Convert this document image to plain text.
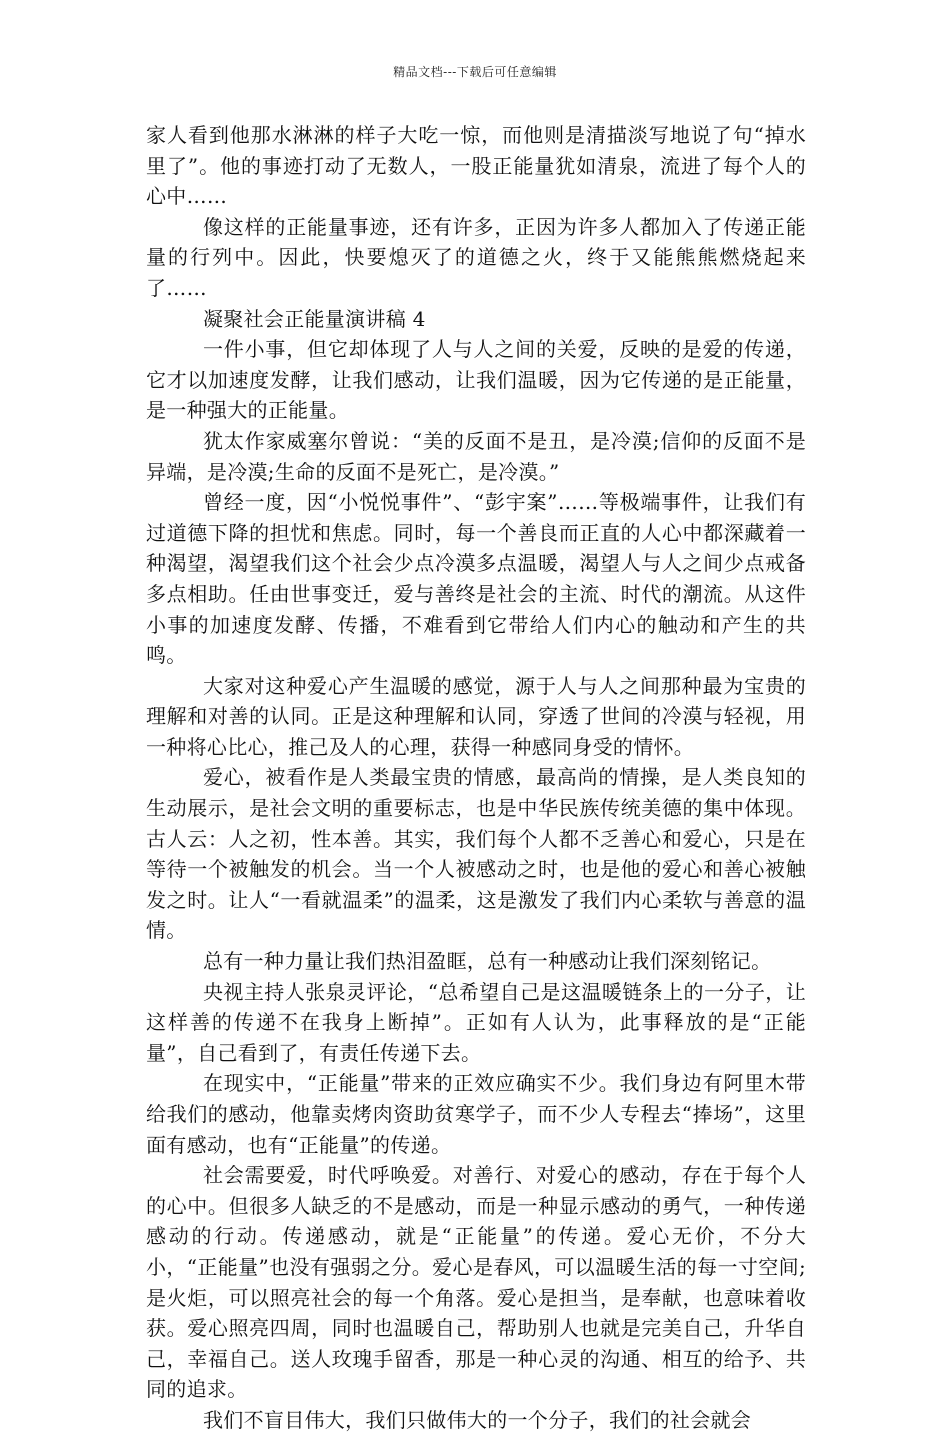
精品文档---下载后可任意编辑

家人看到他那水淋淋的样子大吃一惊，而他则是清描淡写地说了句“掉水里了”。他的事迹打动了无数人，一股正能量犹如清泉，流进了每个人的心中……

像这样的正能量事迹，还有许多，正因为许多人都加入了传递正能量的行列中。因此，快要熄灭了的道德之火，终于又能熊熊燃烧起来了……

凝聚社会正能量演讲稿 4

一件小事，但它却体现了人与人之间的关爱，反映的是爱的传递，它才以加速度发酵，让我们感动，让我们温暖，因为它传递的是正能量，是一种强大的正能量。

犹太作家威塞尔曾说：“美的反面不是丑，是冷漠;信仰的反面不是异端，是冷漠;生命的反面不是死亡，是冷漠。”

曾经一度，因“小悦悦事件”、“彭宇案”……等极端事件，让我们有过道德下降的担忧和焦虑。同时，每一个善良而正直的人心中都深藏着一种渴望，渴望我们这个社会少点冷漠多点温暖，渴望人与人之间少点戒备多点相助。任由世事变迁，爱与善终是社会的主流、时代的潮流。从这件小事的加速度发酵、传播，不难看到它带给人们内心的触动和产生的共鸣。

大家对这种爱心产生温暖的感觉，源于人与人之间那种最为宝贵的理解和对善的认同。正是这种理解和认同，穿透了世间的冷漠与轻视，用一种将心比心，推己及人的心理，获得一种感同身受的情怀。

爱心，被看作是人类最宝贵的情感，最高尚的情操，是人类良知的生动展示，是社会文明的重要标志，也是中华民族传统美德的集中体现。古人云：人之初，性本善。其实，我们每个人都不乏善心和爱心，只是在等待一个被触发的机会。当一个人被感动之时，也是他的爱心和善心被触发之时。让人“一看就温柔”的温柔，这是激发了我们内心柔软与善意的温情。

总有一种力量让我们热泪盈眶，总有一种感动让我们深刻铭记。

央视主持人张泉灵评论，“总希望自己是这温暖链条上的一分子，让这样善的传递不在我身上断掉”。正如有人认为，此事释放的是“正能量”，自己看到了，有责任传递下去。

在现实中，“正能量”带来的正效应确实不少。我们身边有阿里木带给我们的感动，他靠卖烤肉资助贫寒学子，而不少人专程去“捧场”，这里面有感动，也有“正能量”的传递。

社会需要爱，时代呼唤爱。对善行、对爱心的感动，存在于每个人的心中。但很多人缺乏的不是感动，而是一种显示感动的勇气，一种传递感动的行动。传递感动，就是“正能量”的传递。爱心无价，不分大小，“正能量”也没有强弱之分。爱心是春风，可以温暖生活的每一寸空间;是火炬，可以照亮社会的每一个角落。爱心是担当，是奉献，也意味着收获。爱心照亮四周，同时也温暖自己，帮助别人也就是完美自己，升华自己，幸福自己。送人玫瑰手留香，那是一种心灵的沟通、相互的给予、共同的追求。

我们不盲目伟大，我们只做伟大的一个分子，我们的社会就会
